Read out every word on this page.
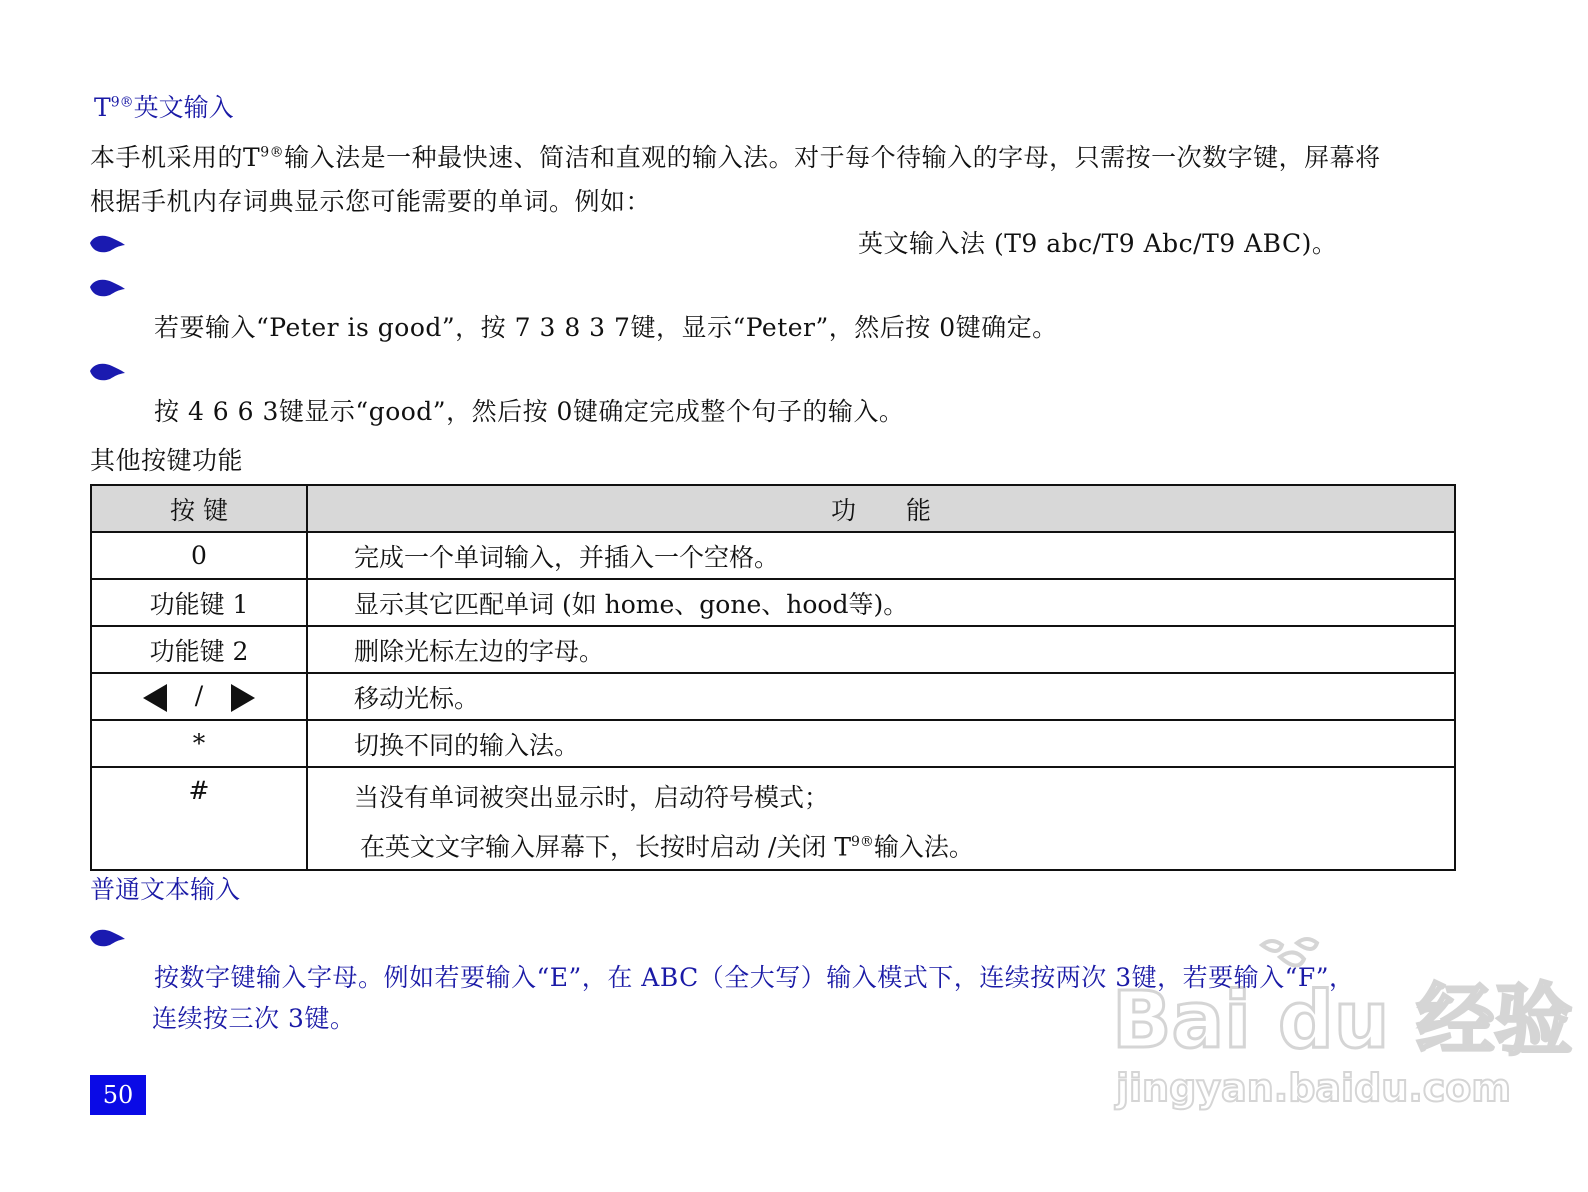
$T^{9®}$英文输入
本手机采用的$T^{9®}$输入法是一种最快速、简洁和直观的输入法。对于每个待输入的字母，只需按一次数字键，屏幕将
根据手机内存词典显示您可能需要的单词。例如：
英文输入法 (T9 abc/T9 Abc/T9 ABC)。
若要输入“Peter is good”，按 7 3 8 3 7键，显示“Peter”，然后按 0键确定。
按 4 6 6 3键显示“good”，然后按 0键确定完成整个句子的输入。
其他按键功能
按 键	功　　能
0	完成一个单词输入，并插入一个空格。
功能键 1	显示其它匹配单词 (如 home、gone、hood等)。
功能键 2	删除光标左边的字母。
/	移动光标。
*	切换不同的输入法。
#	当没有单词被突出显示时，启动符号模式；
在英文文字输入屏幕下，长按时启动 /关闭 $T^{9®}$输入法。
普通文本输入
按数字键输入字母。例如若要输入“E”，在 ABC（全大写）输入模式下，连续按两次 3键，若要输入“F”，
连续按三次 3键。
50
Bai du 经验
jingyan.baidu.com
